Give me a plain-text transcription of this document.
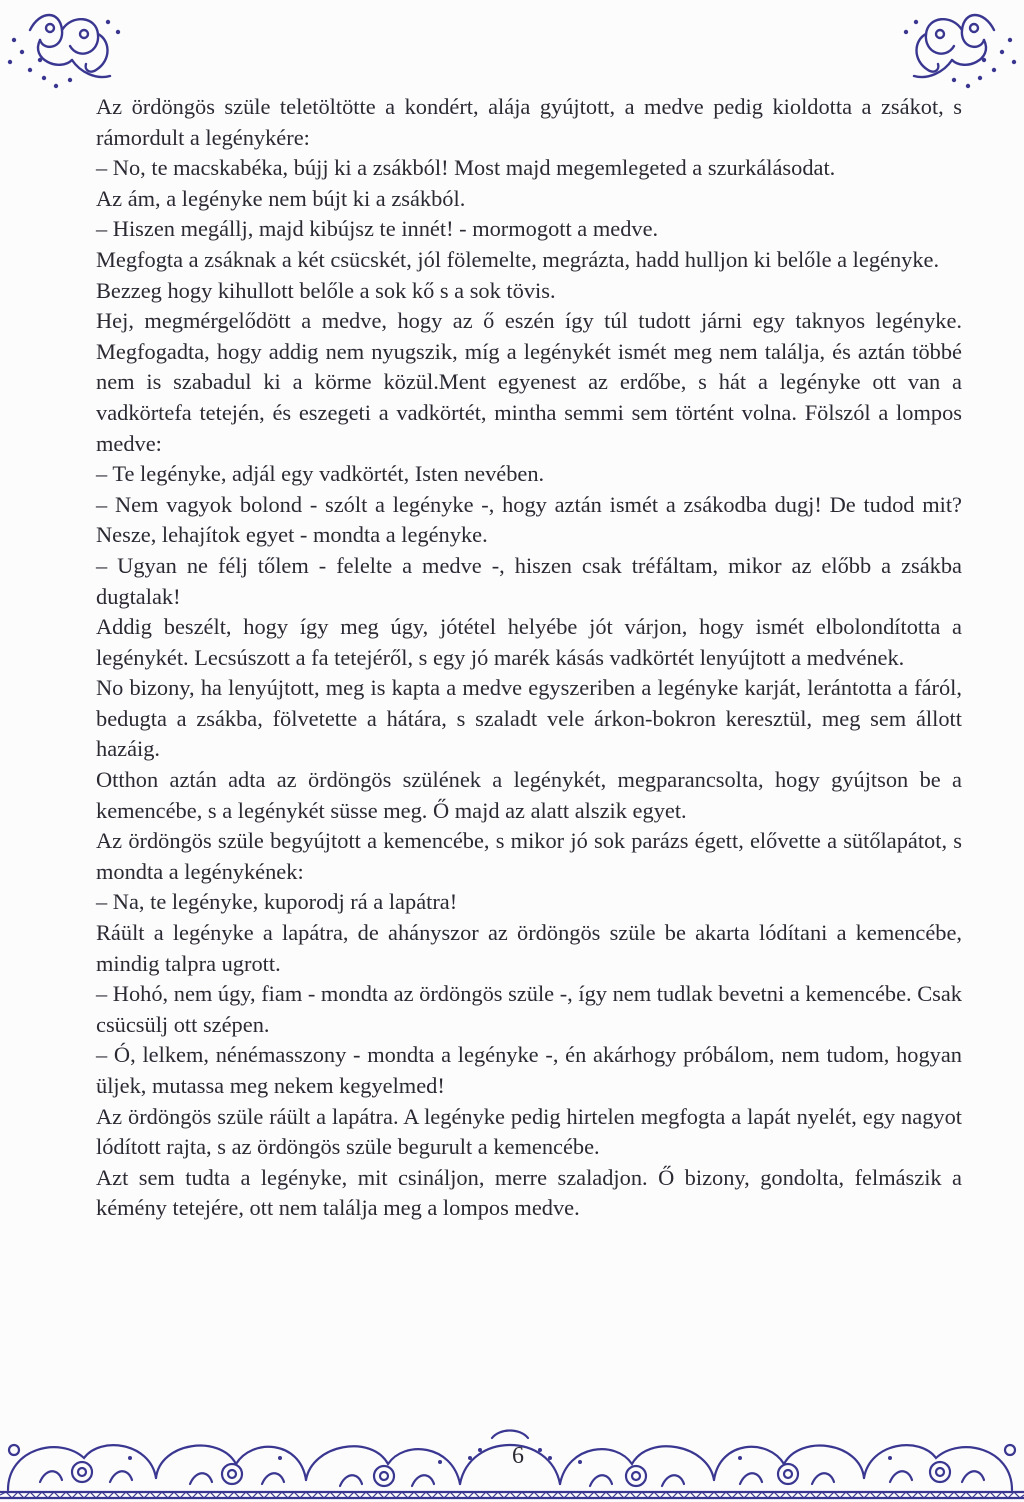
Az ördöngös szüle teletöltötte a kondért, alája gyújtott, a medve pedig kioldotta a zsákot, s rámordult a legénykére:

– No, te macskabéka, bújj ki a zsákból! Most majd megemlegeted a szurkálásodat.

Az ám, a legényke nem bújt ki a zsákból.

– Hiszen megállj, majd kibújsz te innét! - mormogott a medve.

Megfogta a zsáknak a két csücskét, jól fölemelte, megrázta, hadd hulljon ki belőle a legényke.

Bezzeg hogy kihullott belőle a sok kő s a sok tövis.

Hej, megmérgelődött a medve, hogy az ő eszén így túl tudott járni egy taknyos legényke. Megfogadta, hogy addig nem nyugszik, míg a legénykét ismét meg nem találja, és aztán többé nem is szabadul ki a körme közül.Ment egyenest az erdőbe, s hát a legényke ott van a vadkörtefa tetején, és eszegeti a vadkörtét, mintha semmi sem történt volna. Fölszól a lompos medve:

– Te legényke, adjál egy vadkörtét, Isten nevében.

– Nem vagyok bolond - szólt a legényke -, hogy aztán ismét a zsákodba dugj! De tudod mit? Nesze, lehajítok egyet - mondta a legényke.

– Ugyan ne félj tőlem - felelte a medve -, hiszen csak tréfáltam, mikor az előbb a zsákba dugtalak!

Addig beszélt, hogy így meg úgy, jótétel helyébe jót várjon, hogy ismét elbolondította a legénykét. Lecsúszott a fa tetejéről, s egy jó marék kásás vadkörtét lenyújtott a medvének.

No bizony, ha lenyújtott, meg is kapta a medve egyszeriben a legényke karját, lerántotta a fáról, bedugta a zsákba, fölvetette a hátára, s szaladt vele árkon-bokron keresztül, meg sem állott hazáig.

Otthon aztán adta az ördöngös szülének a legénykét, megparancsolta, hogy gyújtson be a kemencébe, s a legénykét süsse meg. Ő majd az alatt alszik egyet.

Az ördöngös szüle begyújtott a kemencébe, s mikor jó sok parázs égett, elővette a sütőlapátot, s mondta a legénykének:

– Na, te legényke, kuporodj rá a lapátra!

Ráült a legényke a lapátra, de ahányszor az ördöngös szüle be akarta lódítani a kemencébe, mindig talpra ugrott.

– Hohó, nem úgy, fiam - mondta az ördöngös szüle -, így nem tudlak bevetni a kemencébe. Csak csücsülj ott szépen.

– Ó, lelkem, nénémasszony - mondta a legényke -, én akárhogy próbálom, nem tudom, hogyan üljek, mutassa meg nekem kegyelmed!

Az ördöngös szüle ráült a lapátra. A legényke pedig hirtelen megfogta a lapát nyelét, egy nagyot lódított rajta, s az ördöngös szüle begurult a kemencébe.

Azt sem tudta a legényke, mit csináljon, merre szaladjon. Ő bizony, gondolta, felmászik a kémény tetejére, ott nem találja meg a lompos medve.

6
